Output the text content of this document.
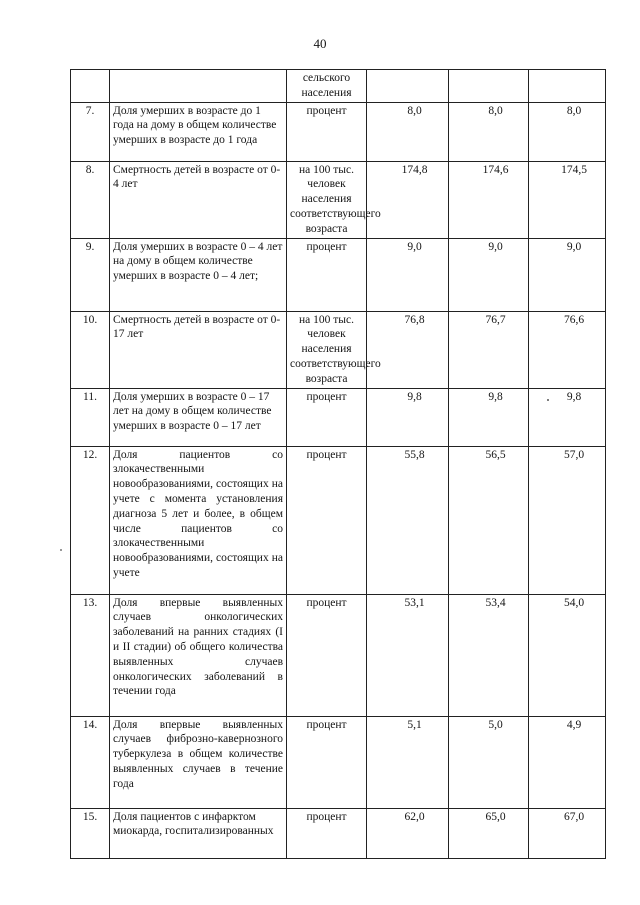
40
		сельского населения			
7.	Доля умерших в возрасте до 1 года на дому в общем количестве умерших в возрасте до 1 года	процент	8,0	8,0	8,0
8.	Смертность детей в возрасте от 0-4 лет	на 100 тыс. человек населения соответствующего возраста	174,8	174,6	174,5
9.	Доля умерших в возрасте 0 – 4 лет на дому в общем количестве умерших в возрасте 0 – 4 лет;	процент	9,0	9,0	9,0
10.	Смертность детей в возрасте от 0-17 лет	на 100 тыс. человек населения соответствующего возраста	76,8	76,7	76,6
11.	Доля умерших в возрасте 0 – 17 лет на дому в общем количестве умерших в возрасте 0 – 17 лет	процент	9,8	9,8	9,8
12.	Доля пациентов со злокачественными новообразованиями, состоящих на учете с момента установления диагноза 5 лет и более, в общем числе пациентов со злокачественными новообразованиями, состоящих на учете	процент	55,8	56,5	57,0
13.	Доля впервые выявленных случаев онкологических заболеваний на ранних стадиях (I и II стадии) об общего количества выявленных случаев онкологических заболеваний в течении года	процент	53,1	53,4	54,0
14.	Доля впервые выявленных случаев фиброзно-кавернозного туберкулеза в общем количестве выявленных случаев в течение года	процент	5,1	5,0	4,9
15.	Доля пациентов с инфарктом миокарда, госпитализированных	процент	62,0	65,0	67,0
